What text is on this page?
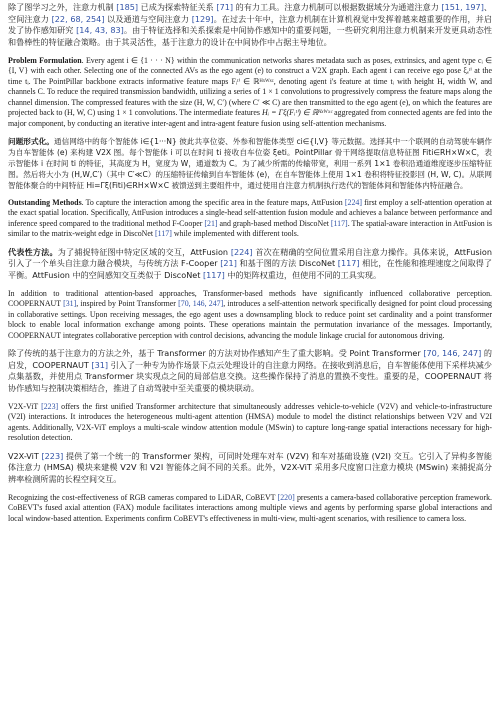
除了图学习之外，注意力机制 [185] 已成为探索特征关系 [71] 的有力工具。注意力机制可以根据数据域分为通道注意力 [151, 197]、空间注意力 [22, 68, 254] 以及通道与空间注意力 [129]。在过去十年中，注意力机制在计算机视觉中发挥着越来越重要的作用，并启发了协作感知研究 [14, 43, 83]。由于特征选择和关系探索是中间协作感知中的重要问题，一些研究利用注意力机制来开发更具动态性和鲁棒性的特征融合策略。由于其灵活性，基于注意力的设计在中间协作中占据主导地位。

Problem Formulation. Every agent i ∈ {1 · · · N} within the communication networks shares metadata such as poses, extrinsics, and agent type cᵢ ∈ {I, V} with each other. Selecting one of the connected AVs as the ego agent (e) to construct a V2X graph. Each agent i can receive ego pose ξₑᵗⁱ at the time tᵢ. The PointPillar backbone extracts informative feature maps Fᵢᵗⁱ ∈ ℝᴴˣᵂˣᶜ, denoting agent i's feature at time tᵢ with height H, width W, and channels C. To reduce the required transmission bandwidth, utilizing a series of 1 × 1 convolutions to progressively compress the feature maps along the channel dimension. The compressed features with the size (H, W, C′) (where C′ ≪ C) are then transmitted to the ego agent (e), on which the features are projected back to (H, W, C) using 1 × 1 convolutions. The intermediate features Hᵢ = Γξ(Fᵢᵗⁱ) ∈ ℝᴴˣᵂˣᶜ aggregated from connected agents are fed into the major component, by conducting an iterative inter-agent and intra-agent feature fusion using self-attention mechanisms.

问题形式化。通信网络中的每个智能体 i∈{1···N} 彼此共享位姿、外参和智能体类型 ci∈{I,V} 等元数据。选择其中一个联网的自动驾驶车辆作为自车智能体 (e) 来构建 V2X 图。每个智能体 i 可以在时间 ti 接收自车位姿 ξeti。PointPillar 骨干网络提取信息特征图 Fiti∈RH×W×C，表示智能体 i 在时间 ti 的特征，其高度为 H，宽度为 W，通道数为 C。为了减少所需的传输带宽，利用一系列 1×1 卷积沿通道维度逐步压缩特征图。然后将大小为 (H,W,C′)（其中 C′≪C）的压缩特征传输到自车智能体 (e)，在自车智能体上使用 1×1 卷积将特征投影回 (H, W, C)。从联网智能体聚合的中间特征 Hi=Γξ(Fiti)∈RH×W×C 被馈送到主要组件中，通过使用自注意力机制执行迭代的智能体间和智能体内特征融合。

Outstanding Methods. To capture the interaction among the specific area in the feature maps, AttFusion [224] first employ a self-attention operation at the exact spatial location. Specifically, AttFusion introduces a single-head self-attention fusion module and achieves a balance between performance and inference speed compared to the traditional method F-Cooper [21] and graph-based method DiscoNet [117]. The spatial-aware interaction in AttFusion is similar to the matrix-weight edge in DiscoNet [117] while implemented with different tools.

代表性方法。为了捕捉特征图中特定区域的交互，AttFusion [224] 首次在精确的空间位置采用自注意力操作。具体来说，AttFusion 引入了一个单头自注意力融合模块，与传统方法 F-Cooper [21] 和基于图的方法 DiscoNet [117] 相比，在性能和推理速度之间取得了平衡。AttFusion 中的空间感知交互类似于 DiscoNet [117] 中的矩阵权重边，但使用不同的工具实现。

In addition to traditional attention-based approaches, Transformer-based methods have significantly influenced collaborative perception. COOPERNAUT [31], inspired by Point Transformer [70, 146, 247], introduces a self-attention network specifically designed for point cloud processing in collaborative settings. Upon receiving messages, the ego agent uses a downsampling block to reduce point set cardinality and a point transformer block to enable local information exchange among points. These operations maintain the permutation invariance of the messages. Importantly, COOPERNAUT integrates collaborative perception with control decisions, advancing the module linkage crucial for autonomous driving.

除了传统的基于注意力的方法之外，基于 Transformer 的方法对协作感知产生了重大影响。受 Point Transformer [70, 146, 247] 的启发，COOPERNAUT [31] 引入了一种专为协作场景下点云处理设计的自注意力网络。在接收到消息后，自车智能体使用下采样块减少点集基数，并使用点 Transformer 块实现点之间的局部信息交换。这些操作保持了消息的置换不变性。重要的是，COOPERNAUT 将协作感知与控制决策相结合，推进了自动驾驶中至关重要的模块联动。

V2X-ViT [223] offers the first unified Transformer architecture that simultaneously addresses vehicle-to-vehicle (V2V) and vehicle-to-infrastructure (V2I) interactions. It introduces the heterogeneous multi-agent attention (HMSA) module to model the distinct relationships between V2V and V2I agents. Additionally, V2X-ViT employs a multi-scale window attention module (MSwin) to capture long-range spatial interactions necessary for high-resolution detection.

V2X-ViT [223] 提供了第一个统一的 Transformer 架构，可同时处理车对车 (V2V) 和车对基础设施 (V2I) 交互。它引入了异构多智能体注意力 (HMSA) 模块来建模 V2V 和 V2I 智能体之间不同的关系。此外，V2X-ViT 采用多尺度窗口注意力模块 (MSwin) 来捕捉高分辨率检测所需的长程空间交互。

Recognizing the cost-effectiveness of RGB cameras compared to LiDAR, CoBEVT [220] presents a camera-based collaborative perception framework. CoBEVT's fused axial attention (FAX) module facilitates interactions among multiple views and agents by performing sparse global interactions and local window-based attention. Experiments confirm CoBEVT's effectiveness in multi-view, multi-agent scenarios, with resilience to camera loss.
